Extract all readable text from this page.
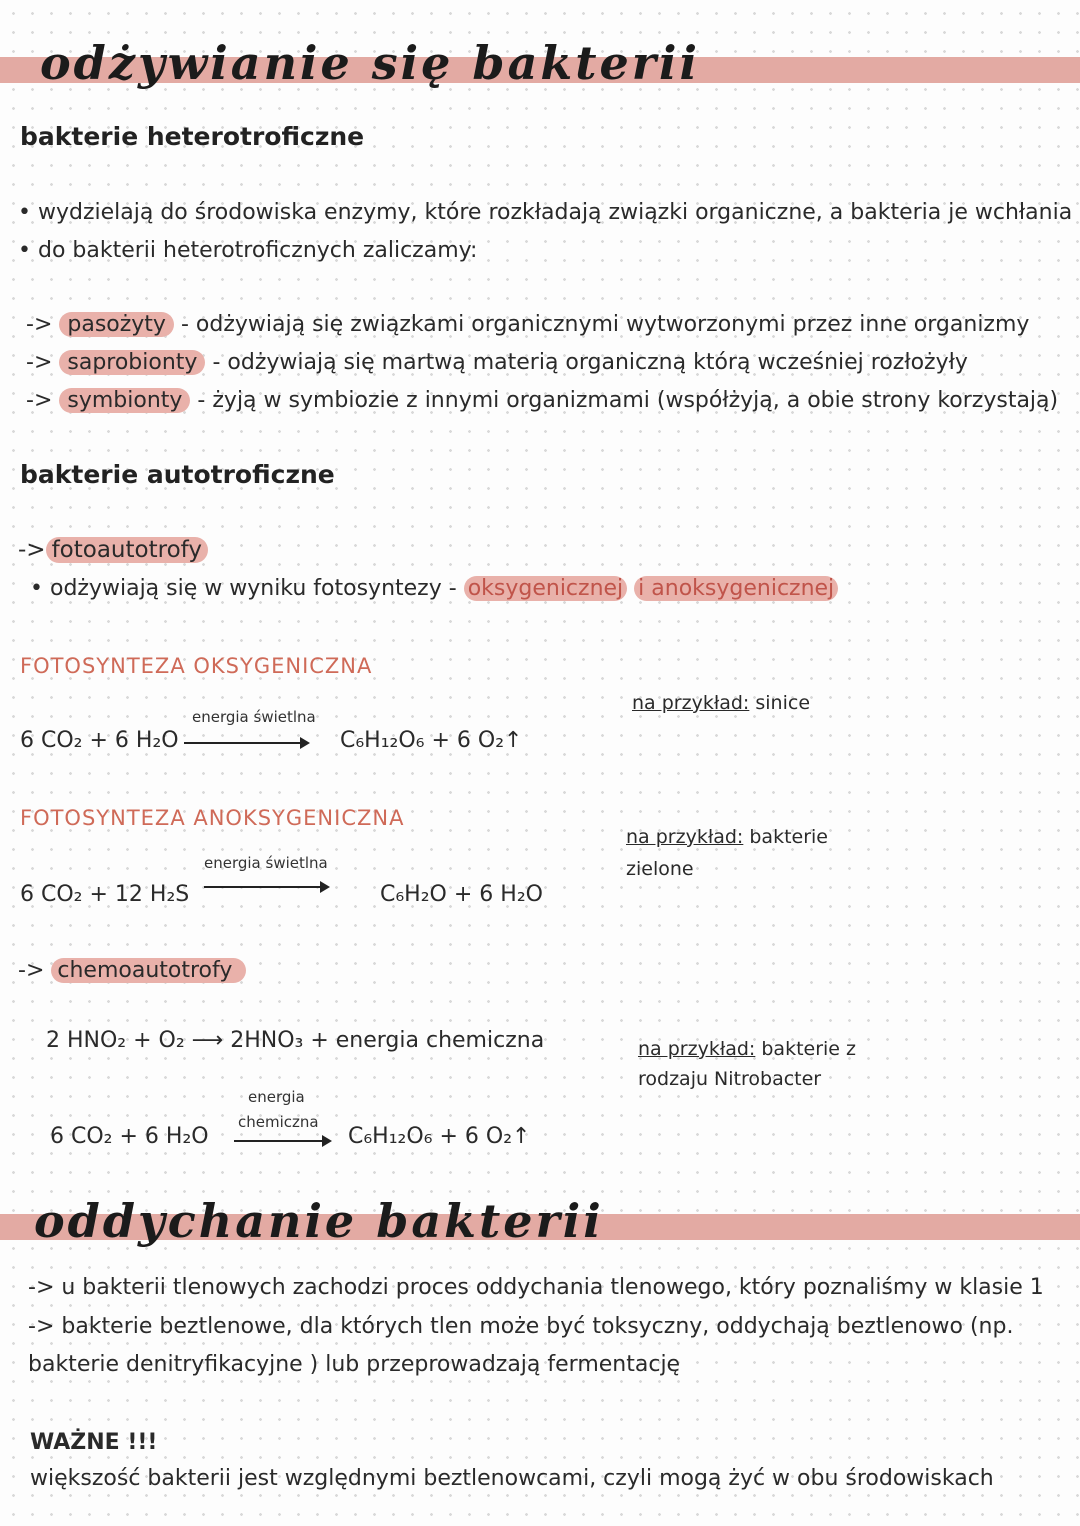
odżywianie się bakterii
bakterie heterotroficzne
• wydzielają do środowiska enzymy, które rozkładają związki organiczne, a bakteria je wchłania
• do bakterii heterotroficznych zaliczamy:
-> pasożyty - odżywiają się związkami organicznymi wytworzonymi przez inne organizmy
-> saprobionty - odżywiają się martwą materią organiczną którą wcześniej rozłożyły
-> symbionty - żyją w symbiozie z innymi organizmami (współżyją, a obie strony korzystają)
bakterie autotroficzne
-> fotoautotrofy
• odżywiają się w wyniku fotosyntezy - oksygenicznej i anoksygenicznej
FOTOSYNTEZA OKSYGENICZNA
energia świetlna
6 CO₂ + 6 H₂O	C₆H₁₂O₆ + 6 O₂↑
na przykład: sinice
FOTOSYNTEZA ANOKSYGENICZNA
energia świetlna
6 CO₂ + 12 H₂S	C₆H₂O + 6 H₂O
na przykład: bakterie
zielone
-> chemoautotrofy
2 HNO₂ + O₂ ⟶ 2HNO₃ + energia chemiczna
energia
chemiczna
6 CO₂ + 6 H₂O	C₆H₁₂O₆ + 6 O₂↑
na przykład: bakterie z
rodzaju Nitrobacter
oddychanie bakterii
-> u bakterii tlenowych zachodzi proces oddychania tlenowego, który poznaliśmy w klasie 1
-> bakterie beztlenowe, dla których tlen może być toksyczny, oddychają beztlenowo (np.
bakterie denitryfikacyjne ) lub przeprowadzają fermentację
WAŻNE !!!
większość bakterii jest względnymi beztlenowcami, czyli mogą żyć w obu środowiskach
